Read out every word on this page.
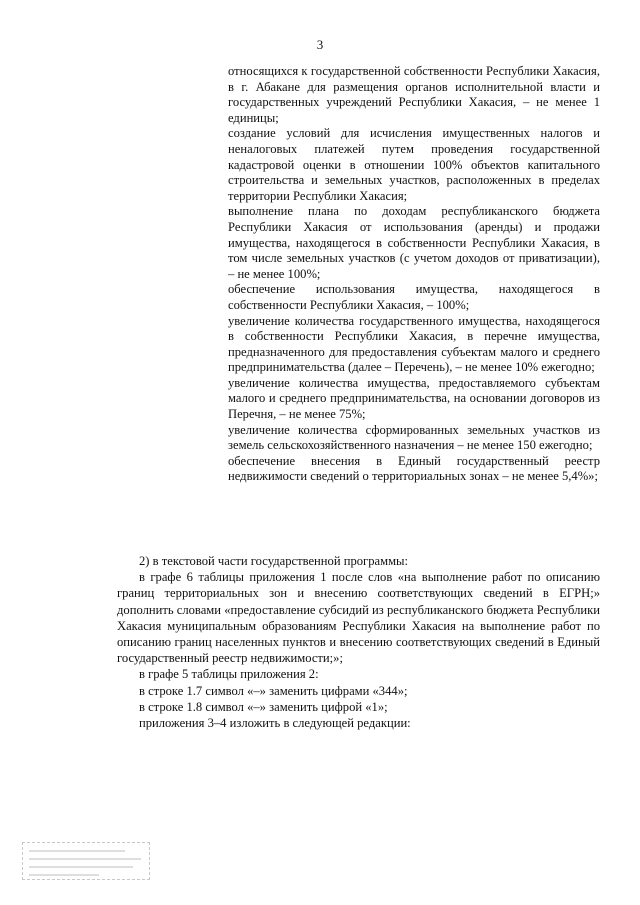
3

относящихся к государственной собственности Республики Хакасия, в г. Абакане для размещения органов исполнительной власти и государственных учреждений Республики Хакасия, – не менее 1 единицы;

создание условий для исчисления имущественных налогов и неналоговых платежей путем проведения государственной кадастровой оценки в отношении 100% объектов капитального строительства и земельных участков, расположенных в пределах территории Республики Хакасия;

выполнение плана по доходам республиканского бюджета Республики Хакасия от использования (аренды) и продажи имущества, находящегося в собственности Республики Хакасия, в том числе земельных участков (с учетом доходов от приватизации), – не менее 100%;

обеспечение использования имущества, находящегося в собственности Республики Хакасия, – 100%;

увеличение количества государственного имущества, находящегося в собственности Республики Хакасия, в перечне имущества, предназначенного для предоставления субъектам малого и среднего предпринимательства (далее – Перечень), – не менее 10% ежегодно;

увеличение количества имущества, предоставляемого субъектам малого и среднего предпринимательства, на основании договоров из Перечня, – не менее 75%;

увеличение количества сформированных земельных участков из земель сельскохозяйственного назначения – не менее 150 ежегодно;

обеспечение внесения в Единый государственный реестр недвижимости сведений о территориальных зонах – не менее 5,4%»;

2) в текстовой части государственной программы:

в графе 6 таблицы приложения 1 после слов «на выполнение работ по описанию границ территориальных зон и внесению соответствующих сведений в ЕГРН;» дополнить словами «предоставление субсидий из республиканского бюджета Республики Хакасия муниципальным образованиям Республики Хакасия на выполнение работ по описанию границ населенных пунктов и внесению соответствующих сведений в Единый государственный реестр недвижимости;»;

в графе 5 таблицы приложения 2:

в строке 1.7 символ «–» заменить цифрами «344»;

в строке 1.8 символ «–» заменить цифрой «1»;

приложения 3–4 изложить в следующей редакции:
